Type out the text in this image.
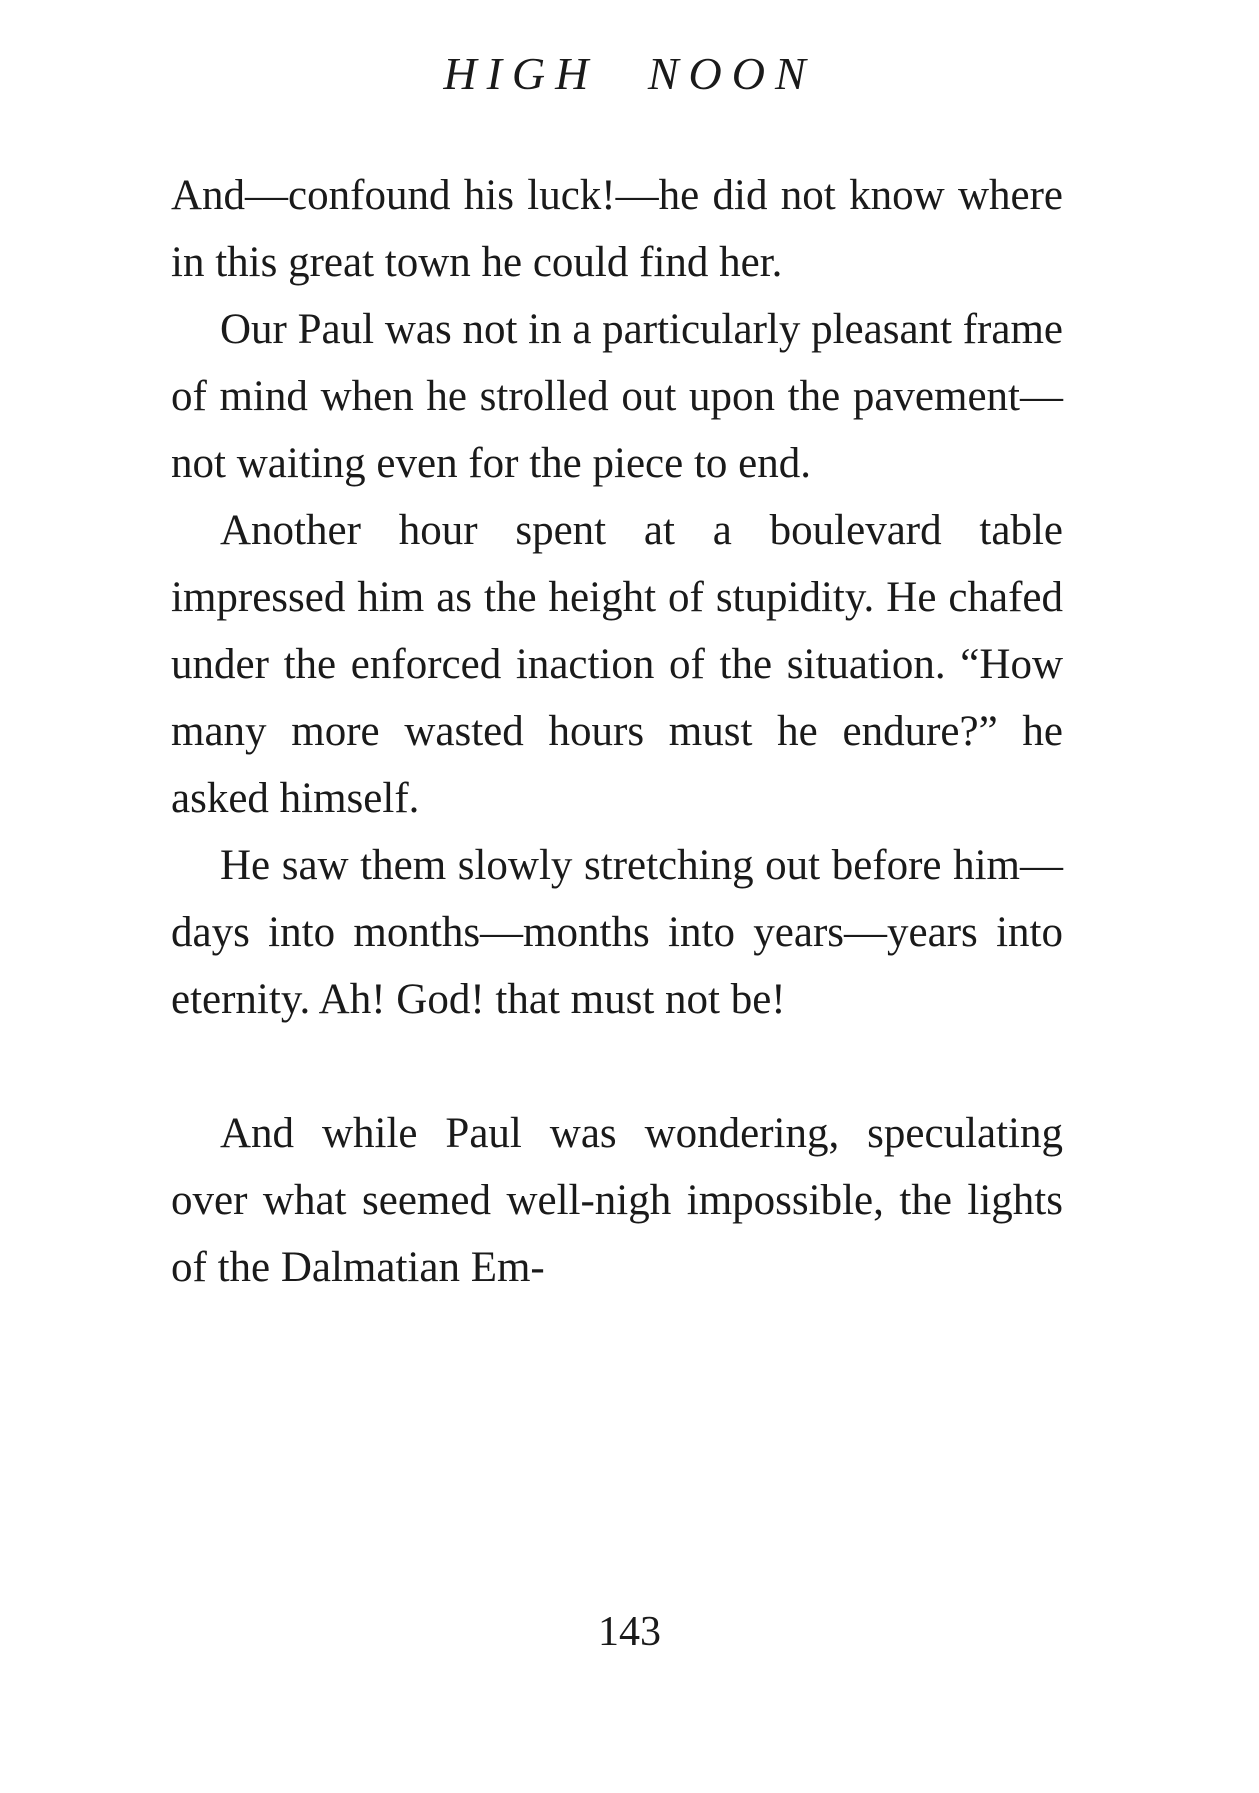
HIGH NOON

And—confound his luck!—he did not know where in this great town he could find her.

Our Paul was not in a particularly pleasant frame of mind when he strolled out upon the pavement—not waiting even for the piece to end.

Another hour spent at a boulevard table impressed him as the height of stupidity. He chafed under the enforced inaction of the situation. “How many more wasted hours must he endure?” he asked himself.

He saw them slowly stretching out before him—days into months—months into years—years into eternity. Ah! God! that must not be!

And while Paul was wondering, speculating over what seemed well-nigh impossible, the lights of the Dalmatian Em-

143
